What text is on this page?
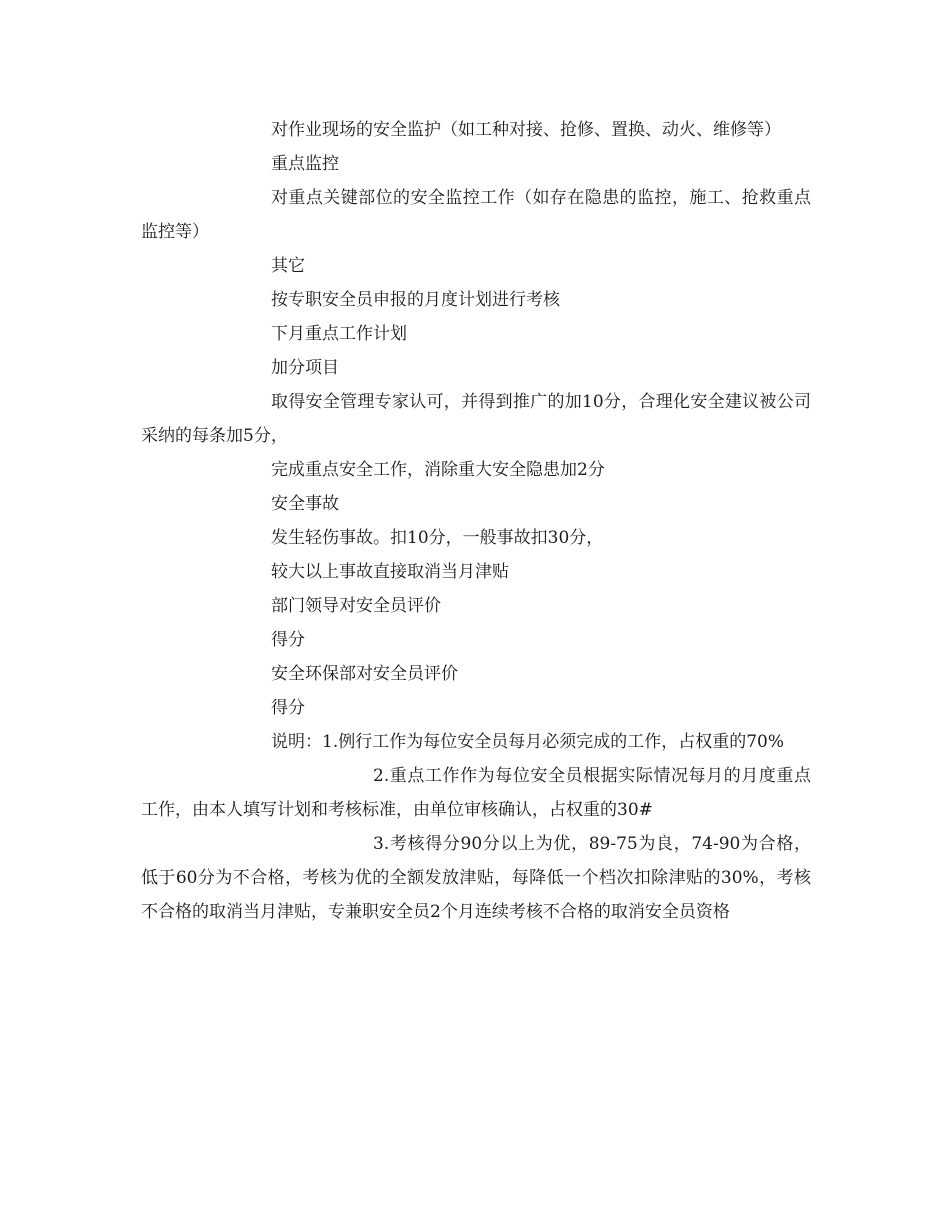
对作业现场的安全监护（如工种对接、抢修、置换、动火、维修等）

重点监控

对重点关键部位的安全监控工作（如存在隐患的监控，施工、抢救重点监控等）

其它

按专职安全员申报的月度计划进行考核

下月重点工作计划

加分项目

取得安全管理专家认可，并得到推广的加10分，合理化安全建议被公司采纳的每条加5分，

完成重点安全工作，消除重大安全隐患加2分

安全事故

发生轻伤事故。扣10分，一般事故扣30分，

较大以上事故直接取消当月津贴

部门领导对安全员评价

得分

安全环保部对安全员评价

得分

说明：1.例行工作为每位安全员每月必须完成的工作，占权重的70%

2.重点工作作为每位安全员根据实际情况每月的月度重点工作，由本人填写计划和考核标准，由单位审核确认，占权重的30#

3.考核得分90分以上为优，89-75为良，74-90为合格，低于60分为不合格，考核为优的全额发放津贴，每降低一个档次扣除津贴的30%，考核不合格的取消当月津贴，专兼职安全员2个月连续考核不合格的取消安全员资格
